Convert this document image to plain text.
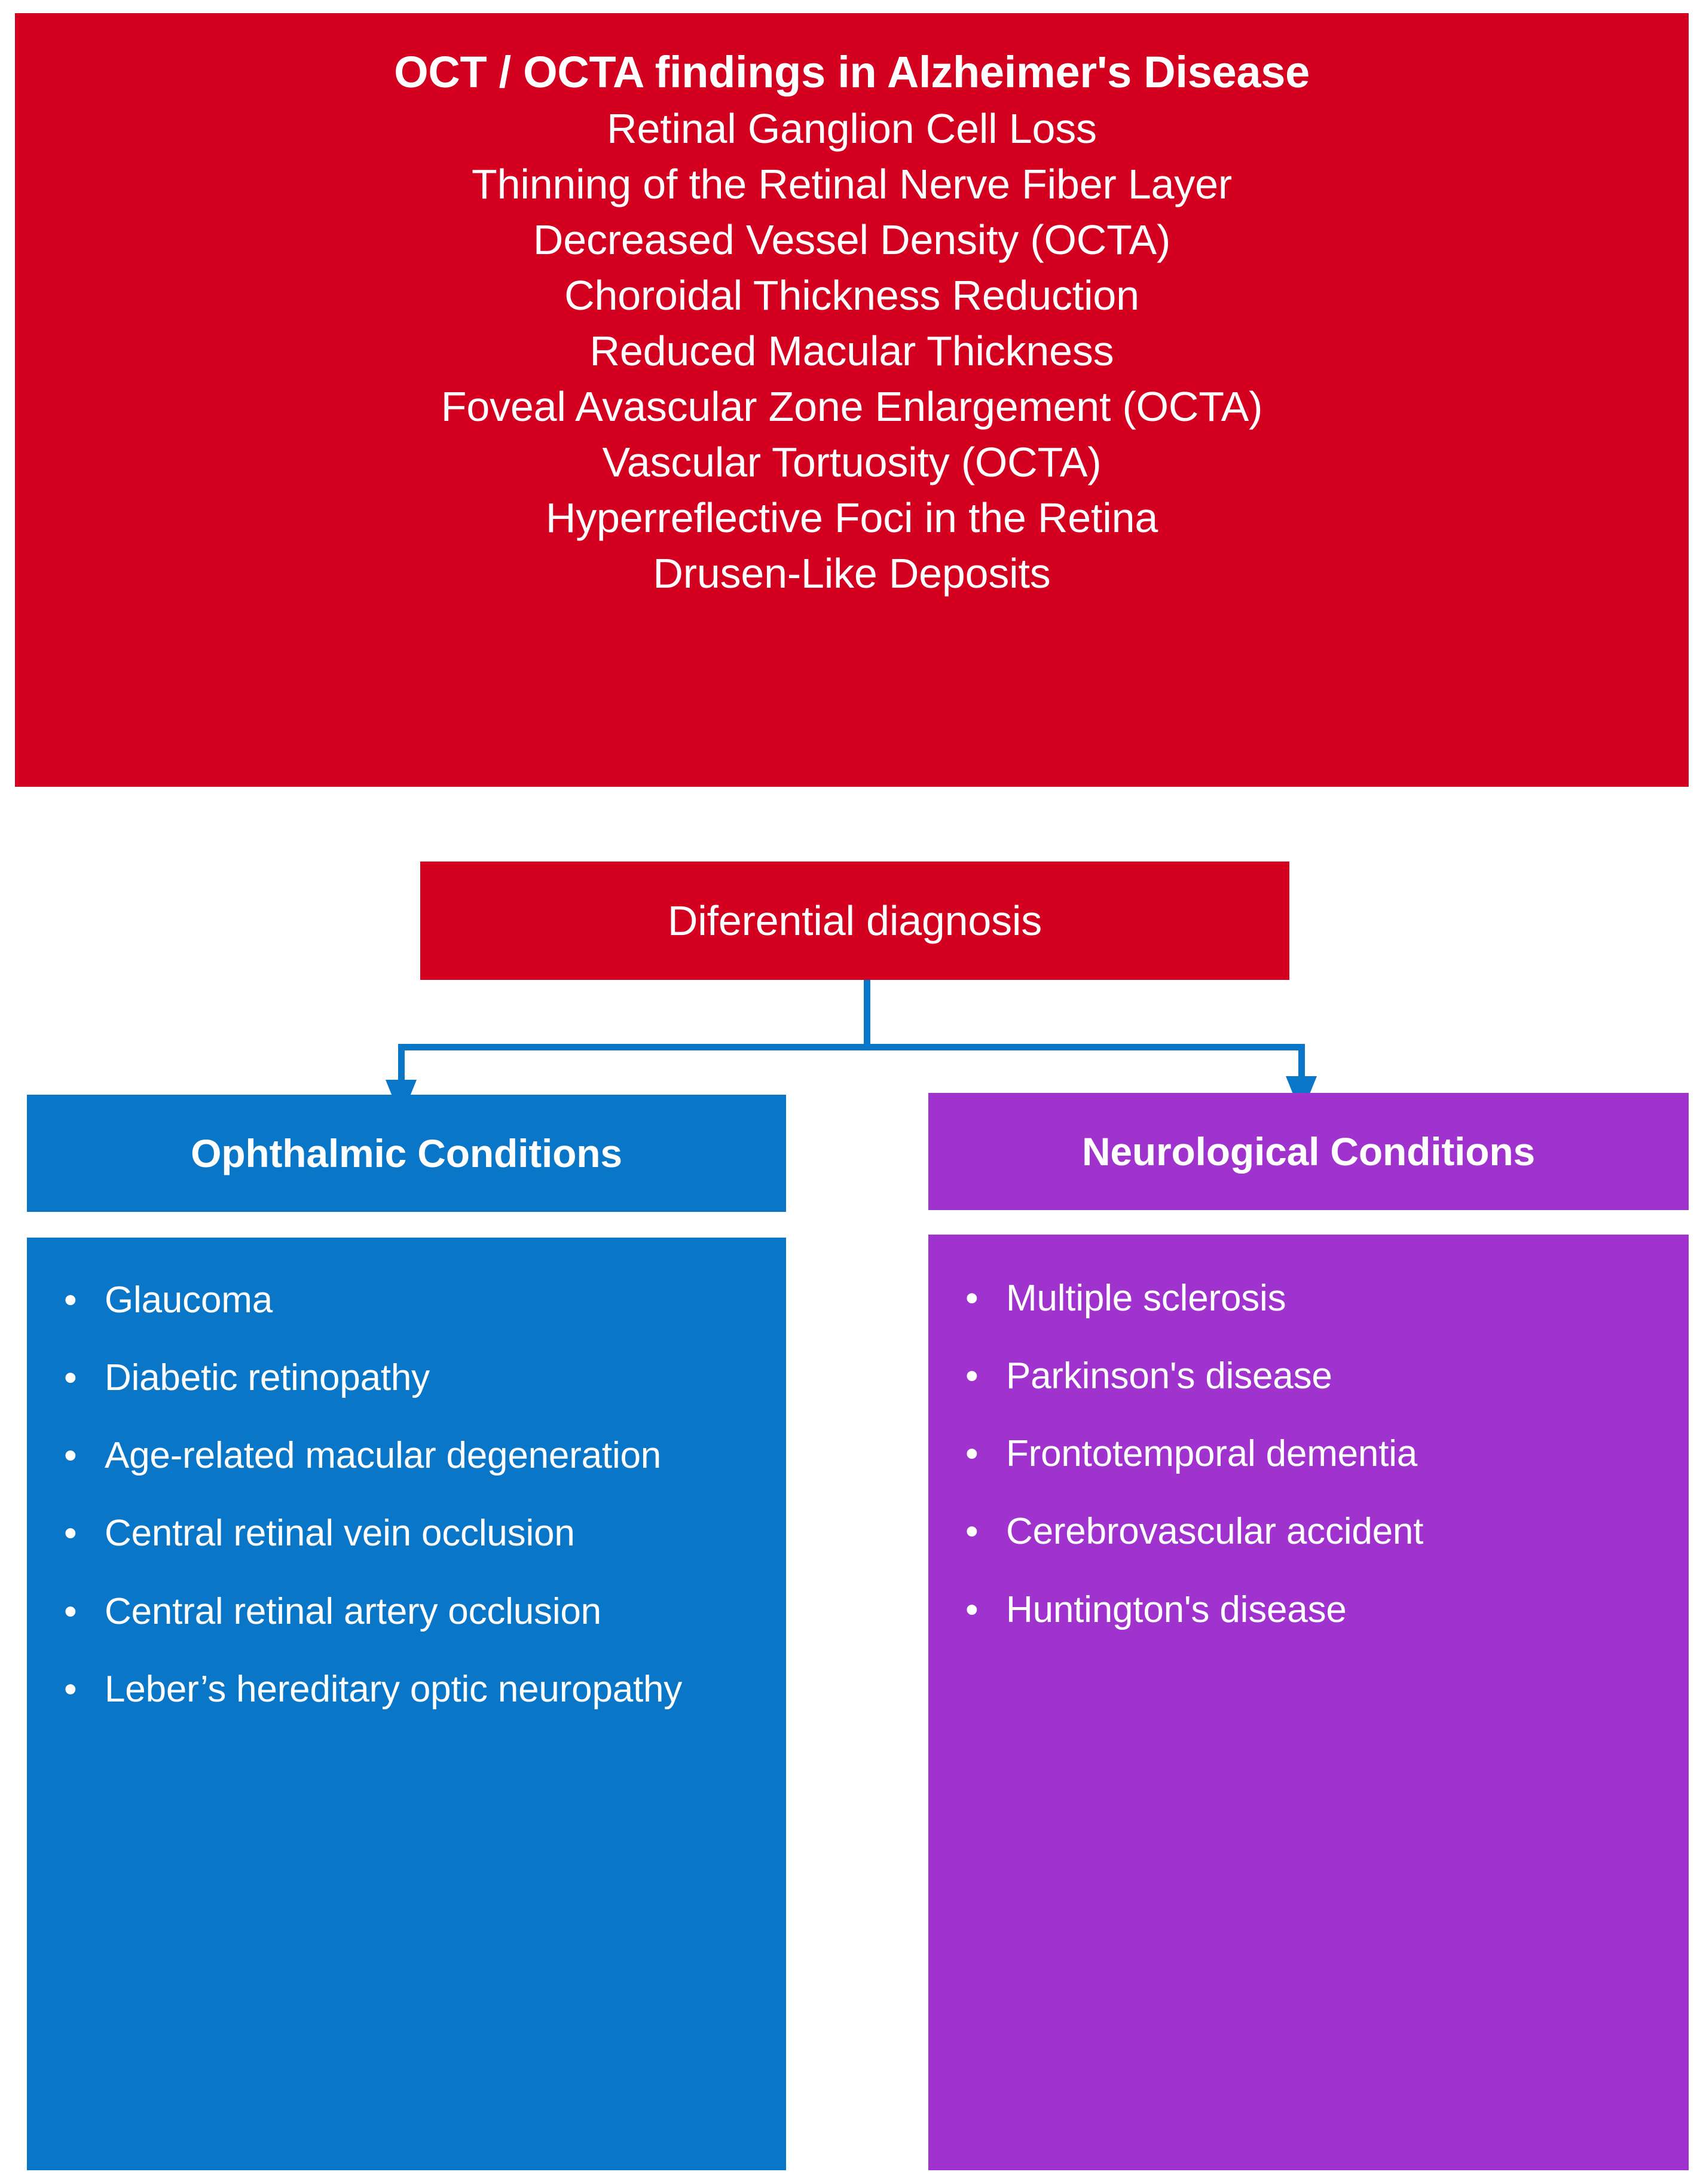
OCT / OCTA findings in Alzheimer's Disease
Retinal Ganglion Cell Loss
Thinning of the Retinal Nerve Fiber Layer
Decreased Vessel Density (OCTA)
Choroidal Thickness Reduction
Reduced Macular Thickness
Foveal Avascular Zone Enlargement (OCTA)
Vascular Tortuosity (OCTA)
Hyperreflective Foci in the Retina
Drusen-Like Deposits
Diferential diagnosis
Ophthalmic Conditions
• Glaucoma
• Diabetic retinopathy
• Age-related macular degeneration
• Central retinal vein occlusion
• Central retinal artery occlusion
• Leber’s hereditary optic neuropathy
Neurological Conditions
• Multiple sclerosis
• Parkinson's disease
• Frontotemporal dementia
• Cerebrovascular accident
• Huntington's disease
